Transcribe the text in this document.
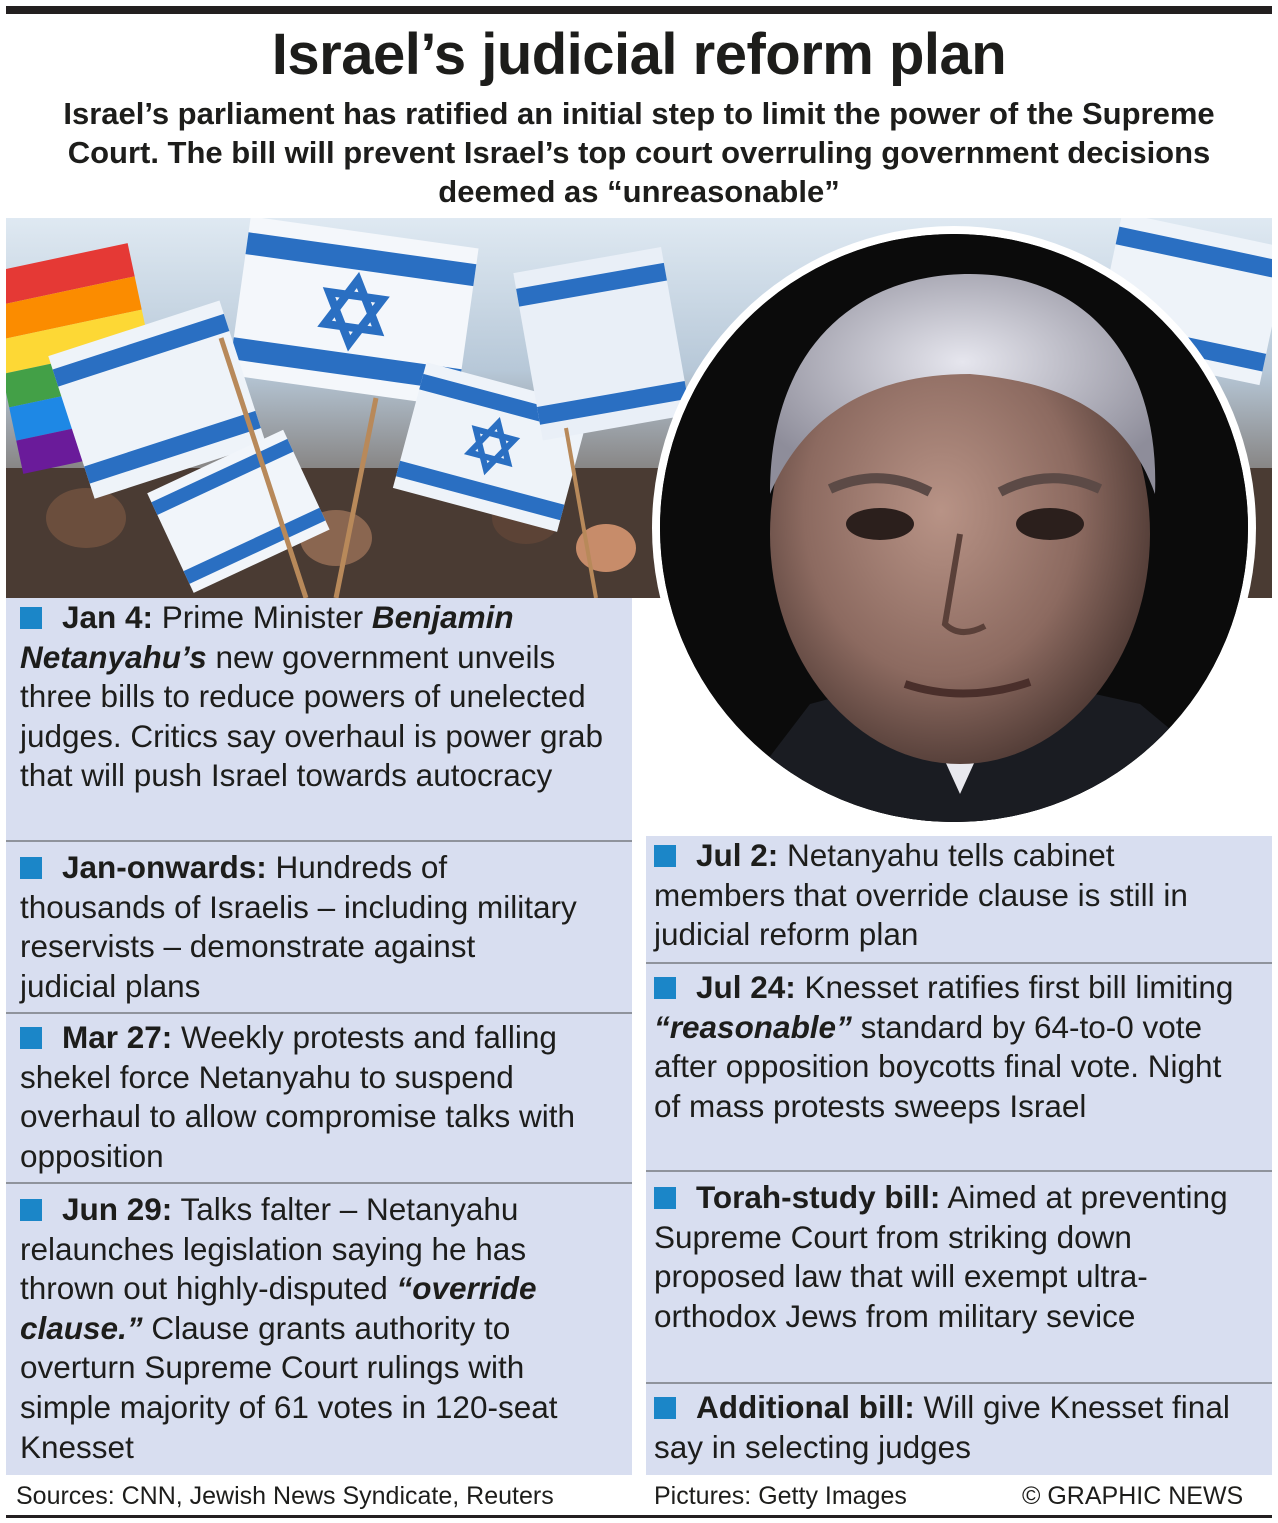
Israel’s judicial reform plan

Israel’s parliament has ratified an initial step to limit the power of the Supreme Court. The bill will prevent Israel’s top court overruling government decisions deemed as “unreasonable”

Jan 4: Prime Minister Benjamin Netanyahu’s new government unveils three bills to reduce powers of unelected judges. Critics say overhaul is power grab that will push Israel towards autocracy
Jan-onwards: Hundreds of thousands of Israelis – including military reservists – demonstrate against judicial plans
Mar 27: Weekly protests and falling shekel force Netanyahu to suspend overhaul to allow compromise talks with opposition
Jun 29: Talks falter – Netanyahu relaunches legislation saying he has thrown out highly-disputed “override clause.” Clause grants authority to overturn Supreme Court rulings with simple majority of 61 votes in 120-seat Knesset
Jul 2: Netanyahu tells cabinet members that override clause is still in judicial reform plan
Jul 24: Knesset ratifies first bill limiting “reasonable” standard by 64-to-0 vote after opposition boycotts final vote. Night of mass protests sweeps Israel
Torah-study bill: Aimed at preventing Supreme Court from striking down proposed law that will exempt ultra-orthodox Jews from military sevice
Additional bill: Will give Knesset final say in selecting judges
Sources: CNN, Jewish News Syndicate, Reuters	Pictures: Getty Images	© GRAPHIC NEWS
